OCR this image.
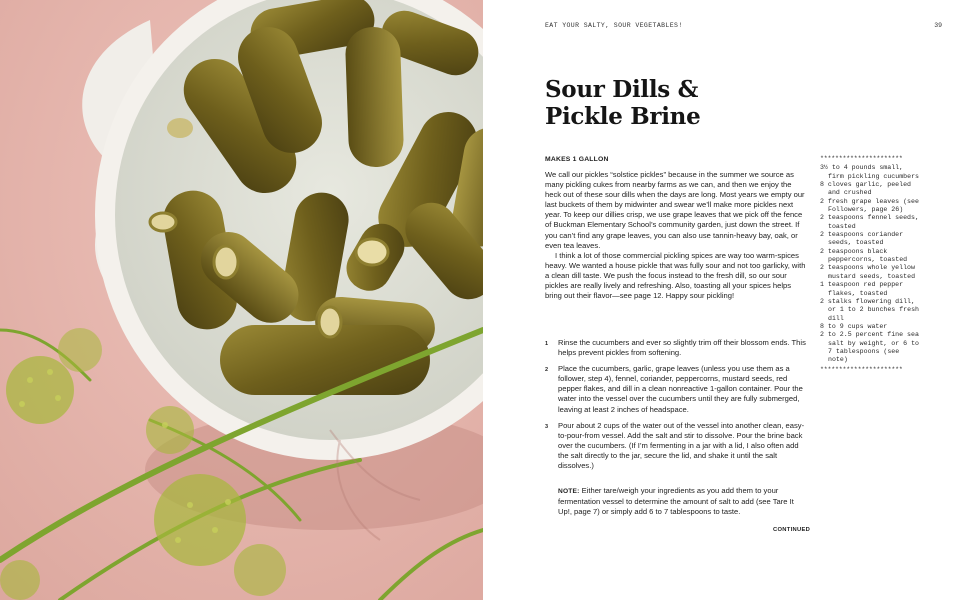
EAT YOUR SALTY, SOUR VEGETABLES!	39
Sour Dills &
Pickle Brine
MAKES 1 GALLON

We call our pickles “solstice pickles” because in the summer we source as many pickling cukes from nearby farms as we can, and then we enjoy the heck out of these sour dills when the days are long. Most years we empty our last buckets of them by midwinter and swear we’ll make more pickles next year. To keep our dillies crisp, we use grape leaves that we pick off the fence of Buckman Elementary School’s community garden, just down the street. If you can’t find any grape leaves, you can also use tannin-heavy bay, oak, or even tea leaves.

I think a lot of those commercial pickling spices are way too warm-spices heavy. We wanted a house pickle that was fully sour and not too garlicky, with a clean dill taste. We push the focus instead to the fresh dill, so our sour pickles are really lively and refreshing. Also, toasting all your spices helps bring out their flavor—see page 12. Happy sour pickling!

1 Rinse the cucumbers and ever so slightly trim off their blossom ends. This helps prevent pickles from softening.
2 Place the cucumbers, garlic, grape leaves (unless you use them as a follower, step 4), fennel, coriander, peppercorns, mustard seeds, red pepper flakes, and dill in a clean nonreactive 1-gallon container. Pour the water into the vessel over the cucumbers until they are fully submerged, leaving at least 2 inches of headspace.
3 Pour about 2 cups of the water out of the vessel into another clean, easy-to-pour-from vessel. Add the salt and stir to dissolve. Pour the brine back over the cucumbers. (If I’m fermenting in a jar with a lid, I also often add the salt directly to the jar, secure the lid, and shake it until the salt dissolves.)
NOTE: Either tare/weigh your ingredients as you add them to your fermentation vessel to determine the amount of salt to add (see Tare It Up!, page 7) or simply add 6 to 7 tablespoons to taste.
CONTINUED
**********************
3½ to 4 pounds small, firm pickling cucumbers
8 cloves garlic, peeled and crushed
2 fresh grape leaves (see Followers, page 26)
2 teaspoons fennel seeds, toasted
2 teaspoons coriander seeds, toasted
2 teaspoons black peppercorns, toasted
2 teaspoons whole yellow mustard seeds, toasted
1 teaspoon red pepper flakes, toasted
2 stalks flowering dill, or 1 to 2 bunches fresh dill
8 to 9 cups water
2 to 2.5 percent fine sea salt by weight, or 6 to 7 tablespoons (see note)
**********************
